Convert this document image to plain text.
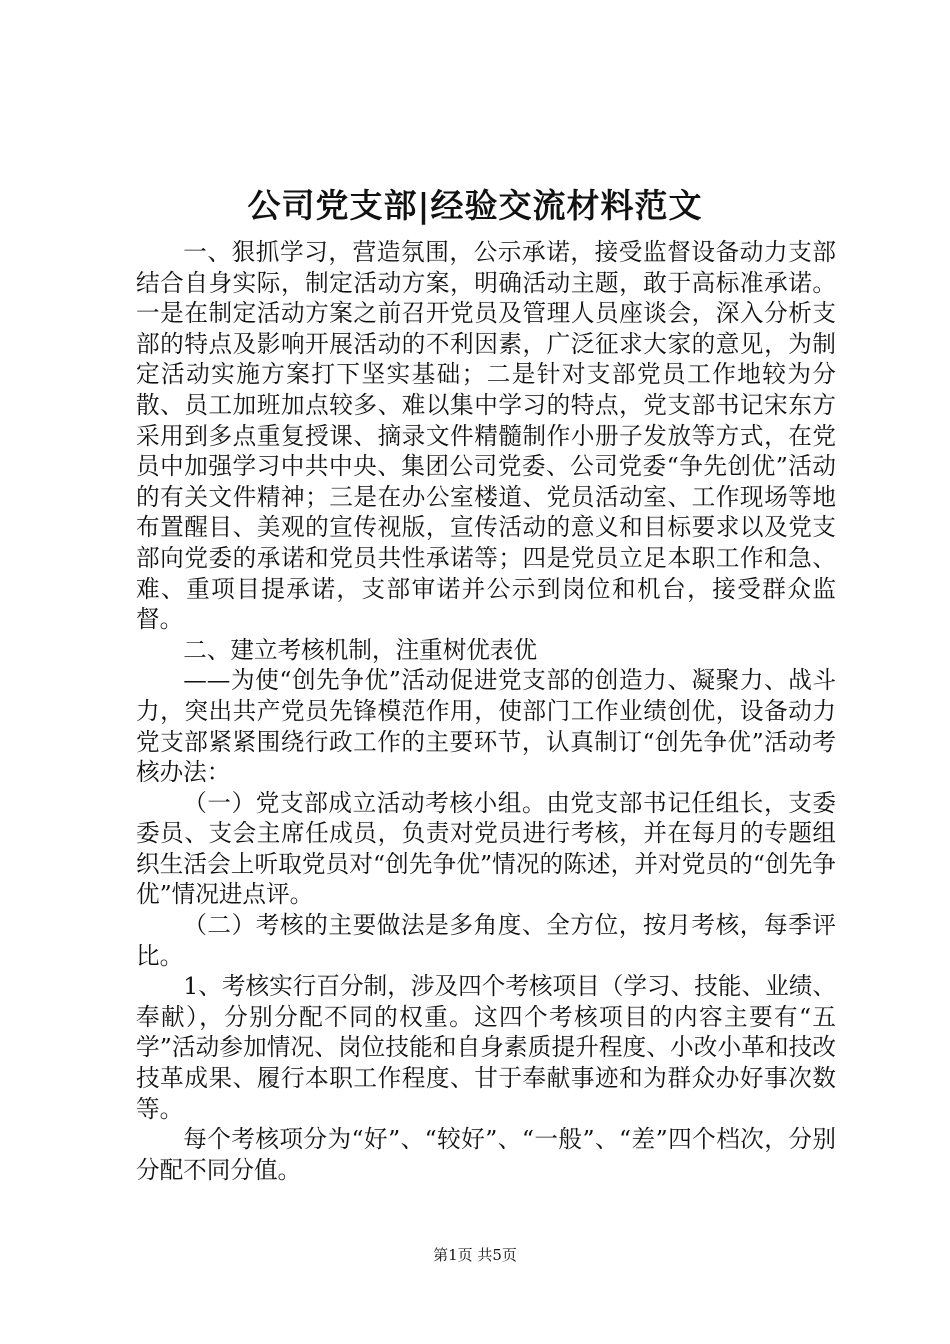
公司党支部|经验交流材料范文

一、狠抓学习，营造氛围，公示承诺，接受监督设备动力支部结合自身实际，制定活动方案，明确活动主题，敢于高标准承诺。一是在制定活动方案之前召开党员及管理人员座谈会，深入分析支部的特点及影响开展活动的不利因素，广泛征求大家的意见，为制定活动实施方案打下坚实基础；二是针对支部党员工作地较为分散、员工加班加点较多、难以集中学习的特点，党支部书记宋东方采用到多点重复授课、摘录文件精髓制作小册子发放等方式，在党员中加强学习中共中央、集团公司党委、公司党委“争先创优”活动的有关文件精神；三是在办公室楼道、党员活动室、工作现场等地布置醒目、美观的宣传视版，宣传活动的意义和目标要求以及党支部向党委的承诺和党员共性承诺等；四是党员立足本职工作和急、难、重项目提承诺，支部审诺并公示到岗位和机台，接受群众监督。

二、建立考核机制，注重树优表优

——为使“创先争优”活动促进党支部的创造力、凝聚力、战斗力，突出共产党员先锋模范作用，使部门工作业绩创优，设备动力党支部紧紧围绕行政工作的主要环节，认真制订“创先争优”活动考核办法：

（一）党支部成立活动考核小组。由党支部书记任组长，支委委员、支会主席任成员，负责对党员进行考核，并在每月的专题组织生活会上听取党员对“创先争优”情况的陈述，并对党员的“创先争优”情况进点评。

（二）考核的主要做法是多角度、全方位，按月考核，每季评比。

1、考核实行百分制，涉及四个考核项目（学习、技能、业绩、奉献），分别分配不同的权重。这四个考核项目的内容主要有“五学”活动参加情况、岗位技能和自身素质提升程度、小改小革和技改技革成果、履行本职工作程度、甘于奉献事迹和为群众办好事次数等。

每个考核项分为“好”、“较好”、“一般”、“差”四个档次，分别分配不同分值。

第1页 共5页
